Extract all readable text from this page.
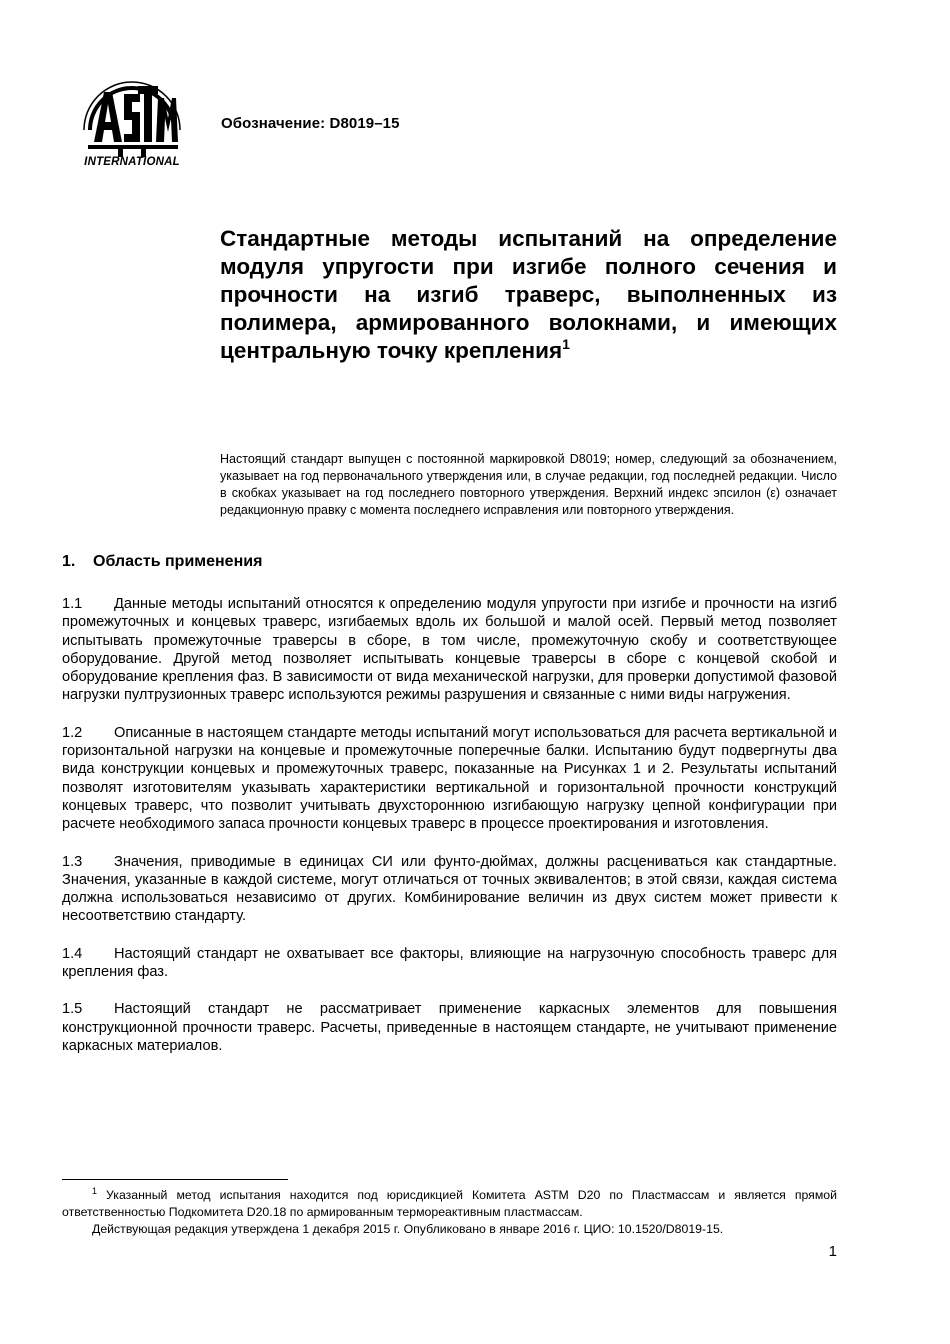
INTERNATIONAL
Обозначение: D8019–15
Стандартные методы испытаний на определение модуля упругости при изгибе полного сечения и прочности на изгиб траверс, выполненных из полимера, армированного волокнами, и имеющих центральную точку крепления$^1$

Настоящий стандарт выпущен с постоянной маркировкой D8019; номер, следующий за обозначением, указывает на год первоначального утверждения или, в случае редакции, год последней редакции. Число в скобках указывает на год последнего повторного утверждения. Верхний индекс эпсилон (ε) означает редакционную правку с момента последнего исправления или повторного утверждения.

1. Область применения

1.1 Данные методы испытаний относятся к определению модуля упругости при изгибе и прочности на изгиб промежуточных и концевых траверс, изгибаемых вдоль их большой и малой осей. Первый метод позволяет испытывать промежуточные траверсы в сборе, в том числе, промежуточную скобу и соответствующее оборудование. Другой метод позволяет испытывать концевые траверсы в сборе с концевой скобой и оборудование крепления фаз. В зависимости от вида механической нагрузки, для проверки допустимой фазовой нагрузки пултрузионных траверс используются режимы разрушения и связанные с ними виды нагружения.

1.2 Описанные в настоящем стандарте методы испытаний могут использоваться для расчета вертикальной и горизонтальной нагрузки на концевые и промежуточные поперечные балки. Испытанию будут подвергнуты два вида конструкции концевых и промежуточных траверс, показанные на Рисунках 1 и 2. Результаты испытаний позволят изготовителям указывать характеристики вертикальной и горизонтальной прочности конструкций концевых траверс, что позволит учитывать двухстороннюю изгибающую нагрузку цепной конфигурации при расчете необходимого запаса прочности концевых траверс в процессе проектирования и изготовления.

1.3 Значения, приводимые в единицах СИ или фунто-дюймах, должны расцениваться как стандартные. Значения, указанные в каждой системе, могут отличаться от точных эквивалентов; в этой связи, каждая система должна использоваться независимо от других. Комбинирование величин из двух систем может привести к несоответствию стандарту.

1.4 Настоящий стандарт не охватывает все факторы, влияющие на нагрузочную способность траверс для крепления фаз.

1.5 Настоящий стандарт не рассматривает применение каркасных элементов для повышения конструкционной прочности траверс. Расчеты, приведенные в настоящем стандарте, не учитывают применение каркасных материалов.

$^1$ Указанный метод испытания находится под юрисдикцией Комитета ASTM D20 по Пластмассам и является прямой ответственностью Подкомитета D20.18 по армированным термореактивным пластмассам.

Действующая редакция утверждена 1 декабря 2015 г. Опубликовано в январе 2016 г. ЦИО: 10.1520/D8019-15.

1
